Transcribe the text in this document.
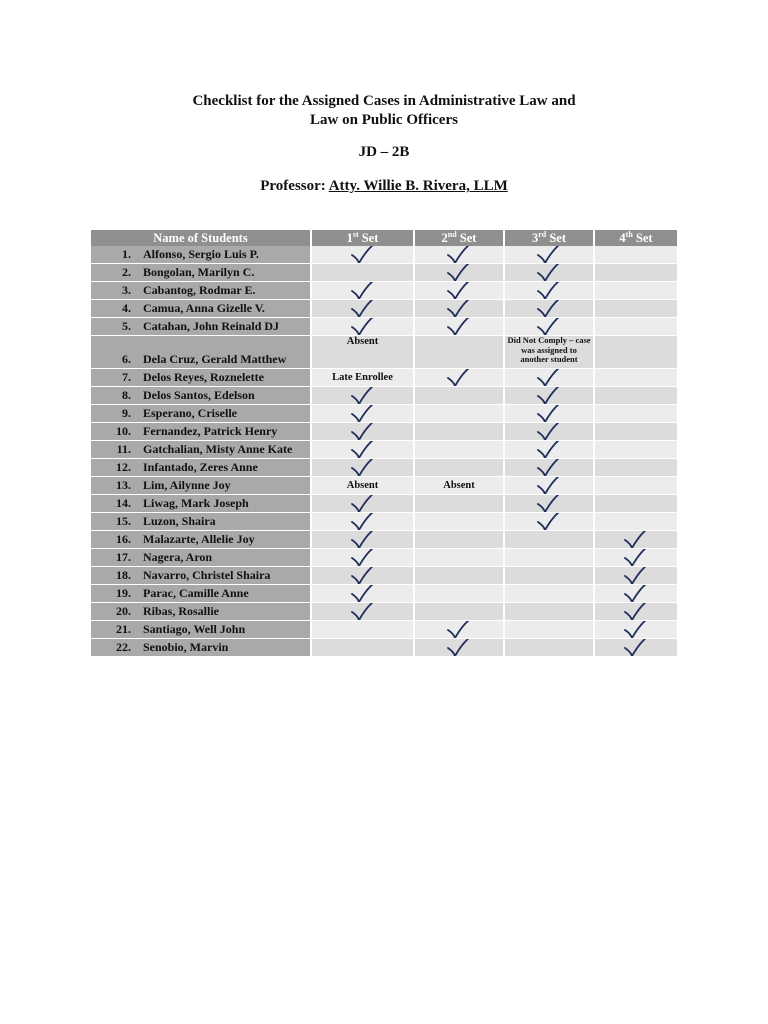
Checklist for the Assigned Cases in Administrative Law and
Law on Public Officers
JD – 2B
Professor: Atty. Willie B. Rivera, LLM
Name of Students	1st Set	2nd Set	3rd Set	4th Set

1. Alfonso, Sergio Luis P.

2. Bongolan, Marilyn C.

3. Cabantog, Rodmar E.

4. Camua, Anna Gizelle V.

5. Catahan, John Reinald DJ

6. Dela Cruz, Gerald Matthew	Absent		Did Not Comply – case was assigned to another student	

7. Delos Reyes, Roznelette	Late Enrollee

8. Delos Santos, Edelson

9. Esperano, Criselle

10. Fernandez, Patrick Henry

11. Gatchalian, Misty Anne Kate

12. Infantado, Zeres Anne

13. Lim, Ailynne Joy	Absent	Absent

14. Liwag, Mark Joseph

15. Luzon, Shaira

16. Malazarte, Allelie Joy

17. Nagera, Aron

18. Navarro, Christel Shaira

19. Parac, Camille Anne

20. Ribas, Rosallie

21. Santiago, Well John

22. Senobio, Marvin
